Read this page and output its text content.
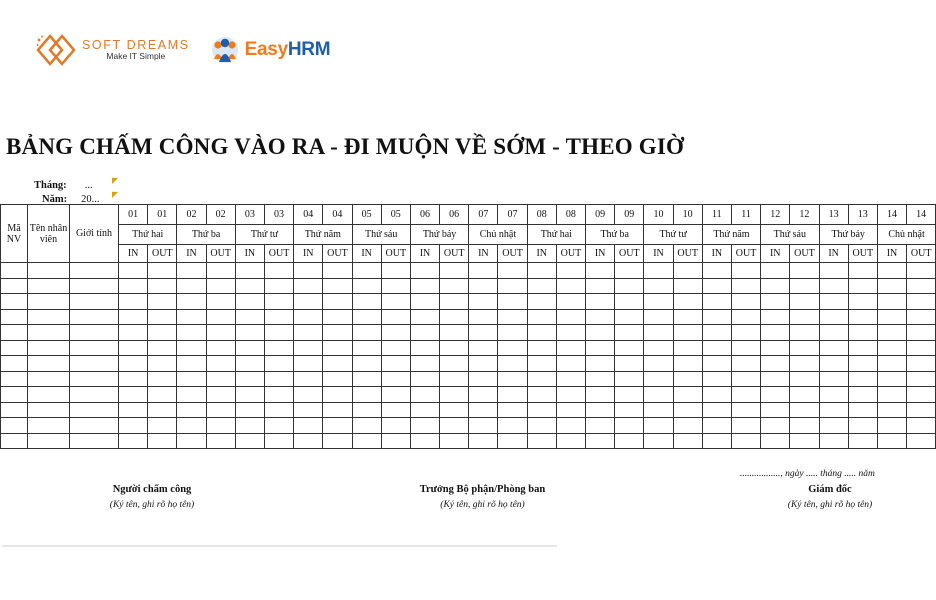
SOFT DREAMS
Make IT Simple	EasyHRM
BẢNG CHẤM CÔNG VÀO RA - ĐI MUỘN VỀ SỚM - THEO GIỜ
Tháng: ...
Năm: 20...
◤
◤
Mã NV	Tên nhân viên	Giới tính	01	01	02	02	03	03	04	04	05	05	06	06	07	07	08	08	09	09	10	10	11	11	12	12	13	13	14	14
			Thứ hai		Thứ ba		Thứ tư		Thứ năm		Thứ sáu		Thứ bảy		Chủ nhật		Thứ hai		Thứ ba		Thứ tư		Thứ năm		Thứ sáu		Thứ bảy		Chủ nhật	
			IN	OUT	IN	OUT	IN	OUT	IN	OUT	IN	OUT	IN	OUT	IN	OUT	IN	OUT	IN	OUT	IN	OUT	IN	OUT	IN	OUT	IN	OUT	IN	OUT

Người chấm công
(Ký tên, ghi rõ họ tên)
Trưởng Bộ phận/Phòng ban
(Ký tên, ghi rõ họ tên)
................., ngày ..... tháng ..... năm
Giám đốc
(Ký tên, ghi rõ họ tên)
